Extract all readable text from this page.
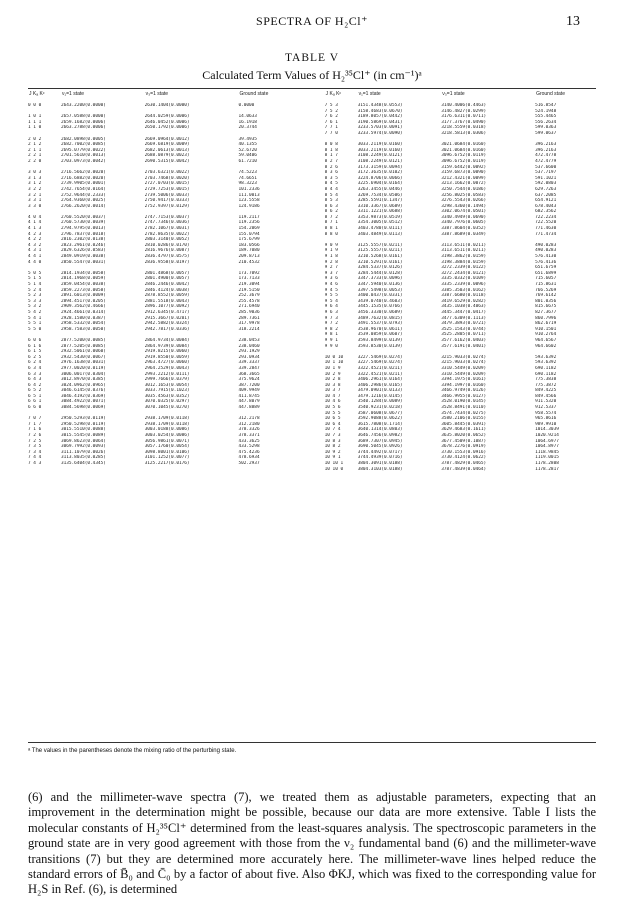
SPECTRA OF H₂Cl⁺	13
TABLE V
Calculated Term Values of H₂³⁵Cl⁺ (in cm⁻¹)ᵃ
J Kₐ Kᶜ	ν₁=1 state	ν₃=1 state	Ground state		J Kₐ Kᶜ	ν₁=1 state	ν₃=1 state	Ground state
0 0 0	2643.2200(0.0000)	2630.1404(0.0000)	0.0000		7 5 3	3151.4348(0.0553)	3140.4006(0.4463)	516.8547
					7 5 2	3158.4683(0.0670)	3146.4827(0.0299)	524.1948
1 0 1	2657.0588(0.0000)	2644.0259(0.0006)	14.0633		7 6 2	3189.8057(0.0442)	3176.6311(0.0711)	555.4465
1 1 1	2659.1682(0.0006)	2646.0452(0.0006)	16.1918		7 6 1	3190.5869(0.0431)	3177.3767(0.0490)	556.2634
1 1 0	2663.2788(0.0006)	2650.1792(0.0006)	20.3744		7 7 1	3233.5703(0.0091)	3218.5559(0.0318)	599.0363
					7 7 0	3233.5974(0.0090)	3218.5813(0.0306)	599.0637
2 0 2	2682.0898(0.0005)	2669.0964(0.0012)	39.4935					
2 1 2	2682.7002(0.0085)	2669.6819(0.0009)	40.1355		8 0 8	3033.2119(0.0160)	3021.0684(0.0160)	396.2163
2 1 1	2695.0779(0.0022)	2682.0613(0.0013)	52.6720		8 1 8	3033.2119(0.0160)	3021.0684(0.0160)	396.2163
2 2 1	2701.5610(0.0013)	2688.0879(0.0023)	59.0406		8 1 7	3108.2249(0.0121)	3096.6752(0.0119)	472.4778
2 2 0	2703.0973(0.0042)	2690.5315(0.0042)	61.7210		8 2 7	3108.2249(0.0121)	3096.6752(0.0119)	472.4779
					8 2 6	3173.3159(0.0094)	3159.6442(0.0092)	537.6600
3 0 3	2716.5662(0.0020)	2703.6321(0.0022)	74.5223		8 3 6	3172.3635(0.0102)	3159.6873(0.0090)	537.7197
3 1 3	2716.6882(0.0020)	2703.7468(0.0020)	74.6651		8 3 5	3224.8706(0.0066)	3212.4321(0.0099)	591.1021
3 1 2	2739.9905(0.0001)	2727.0703(0.0015)	98.3223		8 4 5	3225.6904(0.0164)	3213.1662(0.0072)	592.0803
3 2 2	2742.7654(0.0164)	2729.7253(0.0015)	101.2336		8 4 4	3263.3455(0.0446)	3250.7544(0.0186)	629.7263
3 2 1	2752.9644(0.2333)	2739.5006(0.0033)	111.0013		8 5 4	3269.7534(0.0506)	3256.8025(0.0583)	637.2085
3 3 1	2764.9360(0.0025)	2750.9417(0.0333)	123.5558		8 5 3	3285.5591(0.1347)	3276.5543(0.0266)	654.9121
3 3 0	2766.2620(0.0014)	2752.9397(0.0129)	124.9186		8 6 3	3310.3367(0.0689)	3298.4360(0.1494)	678.4043
					8 6 2	3311.1221(0.0688)	3302.0674(0.0501)	682.3562
4 0 4	2760.5520(0.0037)	2747.7153(0.0037)	119.2117		8 7 2	3353.9873(0.0519)	3340.4949(0.0690)	722.2234
4 1 4	2760.5730(0.0039)	2747.7346(0.0036)	119.2356		8 7 1	3354.3005(0.0512)	3340.7976(0.0605)	722.5520
4 1 3	2794.9795(0.0013)	2782.1067(0.0031)	154.2069		8 8 1	3403.4780(0.0111)	3387.8604(0.0352)	771.4630
4 2 3	2796.7837(0.0018)	2782.8635(0.0022)	155.0794		8 8 0	3403.4849(0.0113)	3387.8689(0.0349)	771.4734
4 2 2	2816.2302(0.0138)	2803.3140(0.0052)	175.6799					
4 3 2	2823.2961(0.0246)	2810.0286(0.0170)	183.0566		9 0 9	3125.5557(0.0211)	3113.6511(0.0211)	490.0283
4 3 1	2829.6326(0.0583)	2816.9676(0.0087)	189.7080		9 1 9	3125.5557(0.0211)	3113.6511(0.0211)	490.0283
4 4 1	2849.0919(0.0038)	2836.4797(0.0575)	209.8713		9 1 8	3210.5268(0.0161)	3198.3862(0.0159)	576.4130
4 4 0	2850.5547(0.0031)	2836.9558(0.0197)	210.4532		9 2 8	3210.5291(0.0161)	3198.3884(0.0159)	576.4136
					9 2 7	3284.5337(0.0126)	3272.2339(0.0122)	651.6759
5 0 5	2814.1934(0.0058)	2801.4868(0.0057)	173.7092		9 3 7	3284.5444(0.0128)	3272.2434(0.0121)	651.6899
5 1 5	2814.1968(0.0059)	2801.4900(0.0057)	173.7133		9 3 6	3347.3733(0.0096)	3335.0332(0.0109)	715.6057
5 1 4	2859.0454(0.0038)	2846.2446(0.0042)	219.3094		9 4 6	3347.5940(0.0136)	3335.2339(0.0096)	715.8631
5 2 4	2859.2273(0.0058)	2846.4124(0.0038)	219.5150		9 4 5	3397.5498(0.0053)	3385.3503(0.0162)	766.5269
5 2 3	2891.6013(0.0009)	2878.8552(0.0059)	252.3679		9 5 5	3400.0437(0.0331)	3387.6680(0.0118)	769.6142
5 3 3	2894.4517(0.0205)	2881.5518(0.0043)	255.4578		9 5 4	3439.0740(0.4603)	3419.6529(0.0282)	801.0356
5 3 2	2909.3562(0.4666)	2896.1077(0.0092)	271.6940		9 6 4	3445.1535(0.0766)	3435.1038(0.4063)	815.6675
5 4 2	2924.4661(0.0314)	2912.6345(0.4717)	285.9036		9 6 3	3456.3330(0.0689)	3445.3447(0.0417)	827.3677
5 4 1	2928.1580(0.0387)	2915.3667(0.0201)	289.7361		9 7 3	3489.7632(0.0815)	3477.6309(0.1113)	860.7996
5 5 1	2958.5332(0.0054)	2942.5882(0.0324)	317.9978		9 7 2	3491.5537(0.0793)	3479.3893(0.0721)	862.6719
5 5 0	2958.7583(0.0050)	2942.7817(0.0336)	318.2214		9 8 2	3538.9670(0.0611)	3525.1543(0.0744)	910.1501
					9 8 1	3539.0859(0.0607)	3525.2805(0.0711)	910.2764
6 0 6	2877.5200(0.0085)	2864.9734(0.0084)	238.0453		9 9 1	3593.8499(0.0139)	3577.6162(0.0403)	964.6567
6 1 6	2877.5205(0.0085)	2864.9739(0.0084)	238.0460		9 9 0	3593.8530(0.0139)	3577.6191(0.0401)	964.6602
6 1 5	2932.5061(0.0060)	2919.8215(0.0060)	293.1929					
6 2 5	2932.5430(0.0067)	2919.8550(0.0059)	293.0934		10 0 10	3227.5469(0.0274)	3215.9033(0.0274)	593.6392
6 2 4	2976.1638(0.0031)	2963.4727(0.0060)	339.3337		10 1 10	3227.5469(0.0274)	3215.9033(0.0274)	593.6392
6 3 4	2977.0020(0.0119)	2964.2529(0.0043)	339.2847		10 1 9	3322.4521(0.0211)	3310.5449(0.0209)	690.1182
6 3 3	3006.0017(0.0304)	2993.2212(0.0111)	368.3665		10 2 9	3322.4521(0.0211)	3310.5449(0.0209)	690.1182
6 4 3	3012.8970(0.0385)	2999.7666(0.0379)	375.9624		10 2 8	3406.2961(0.0164)	3394.1975(0.0161)	775.3838
6 4 2	3024.0962(0.0965)	3012.1653(0.0054)	387.7200		10 3 8	3406.2986(0.0165)	3394.1997(0.0160)	775.3872
6 5 2	3046.6145(0.0376)	3033.7915(0.1023)	409.9949		10 3 7	3479.0901(0.0133)	3466.9749(0.0126)	849.4225
6 5 1	3046.4192(0.0369)	3035.4563(0.0352)	411.8745		10 4 7	3479.1216(0.0145)	3466.9955(0.0127)	849.4566
6 6 1	3084.4922(0.0071)	3070.0325(0.0297)	447.8079		10 4 6	3540.1284(0.0089)	3528.0190(0.0145)	911.5320
6 6 0	3084.5698(0.0069)	3070.1045(0.0270)	447.8889		10 5 6	3540.9231(0.0218)	3528.8491(0.0110)	912.5337
					10 5 5	3587.0608(0.0677)	3574.7434(0.0275)	958.5574
7 0 7	2950.5293(0.0119)	2938.1709(0.0118)	312.2178		10 6 5	3592.9088(0.0622)	3580.2106(0.0155)	965.8616
7 1 7	2950.5298(0.0119)	2938.1709(0.0118)	312.2180		10 6 4	3615.7808(0.1714)	3605.8445(0.0391)	989.9910
7 1 6	3015.5510(0.0088)	3003.0188(0.0086)	378.3326		10 7 4	3640.1314(0.0803)	3629.4683(0.1611)	1014.3039
7 2 6	3015.5545(0.0089)	3003.0254(0.0086)	378.3371		10 7 3	3646.7456(0.0982)	3635.8020(0.0652)	1020.9214
7 2 5	3069.8623(0.0064)	3056.9861(0.0071)	433.3625		10 8 3	3689.7307(0.0945)	3677.4509(0.1087)	1064.6977
7 3 5	3069.7992(0.0093)	3057.1760(0.0054)	433.5298		10 8 2	3690.5045(0.0926)	3678.2276(0.0919)	1064.8977
7 3 4	3111.1079(0.0026)	3098.8001(0.0106)	475.4236		10 9 2	3744.4492(0.0717)	3730.1553(0.0916)	1118.9845
7 4 4	3113.8035(0.0285)	3101.1252(0.0077)	478.6934		10 9 1	3744.4939(0.0716)	3730.4124(0.0622)	1119.0015
7 4 3	3135.6404(0.4345)	3125.2217(0.0176)	502.2937		10 10 1	3804.3091(0.0188)	3787.4829(0.0465)	1178.2808
					10 10 0	3804.3103(0.0188)	3787.4839(0.0464)	1178.2817
ᵃ The values in the parentheses denote the mixing ratio of the perturbing state.

(6) and the millimeter-wave spectra (7), we treated them as adjustable parameters, expecting that an improvement in the determination might be possible, because our data are more extensive. Table I lists the molecular constants of H₂³⁵Cl⁺ determined from the least-squares analysis. The spectroscopic parameters in the ground state are in very good agreement with those from the ν₂ fundamental band (6) and the millimeter-wave transitions (7) but they are determined more accurately here. The millimeter-wave lines helped reduce the standard errors of B̄₀ and C̄₀ by a factor of about five. Also ΦKJ, which was fixed to the corresponding value for H₂S in Ref. (6), is determined
